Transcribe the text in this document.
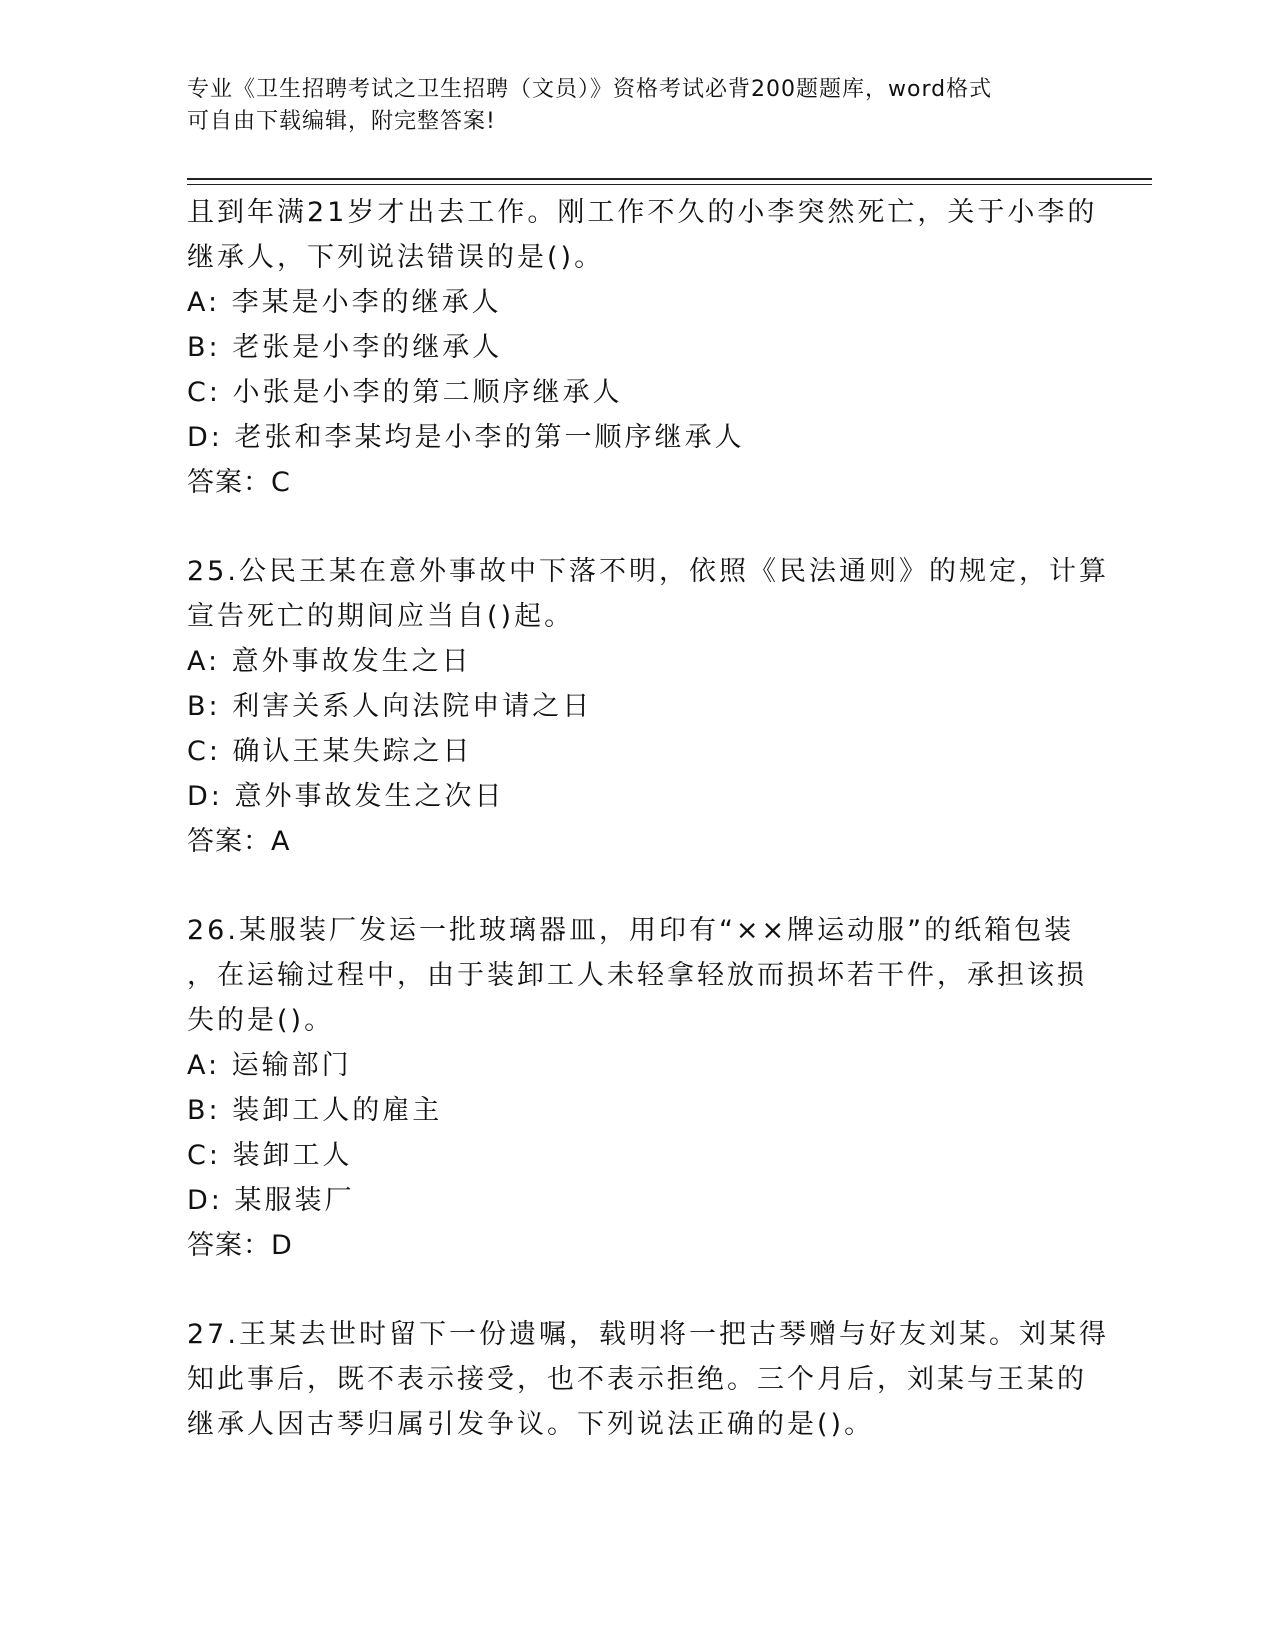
专业《卫生招聘考试之卫生招聘（文员）》资格考试必背200题题库，word格式
可自由下载编辑，附完整答案!
且到年满21岁才出去工作。刚工作不久的小李突然死亡，关于小李的
继承人，下列说法错误的是()。
A: 李某是小李的继承人
B: 老张是小李的继承人
C: 小张是小李的第二顺序继承人
D: 老张和李某均是小李的第一顺序继承人
答案：C
25.公民王某在意外事故中下落不明，依照《民法通则》的规定，计算
宣告死亡的期间应当自()起。
A: 意外事故发生之日
B: 利害关系人向法院申请之日
C: 确认王某失踪之日
D: 意外事故发生之次日
答案：A
26.某服装厂发运一批玻璃器皿，用印有“××牌运动服”的纸箱包装
，在运输过程中，由于装卸工人未轻拿轻放而损坏若干件，承担该损
失的是()。
A: 运输部门
B: 装卸工人的雇主
C: 装卸工人
D: 某服装厂
答案：D
27.王某去世时留下一份遗嘱，载明将一把古琴赠与好友刘某。刘某得
知此事后，既不表示接受，也不表示拒绝。三个月后，刘某与王某的
继承人因古琴归属引发争议。下列说法正确的是()。
